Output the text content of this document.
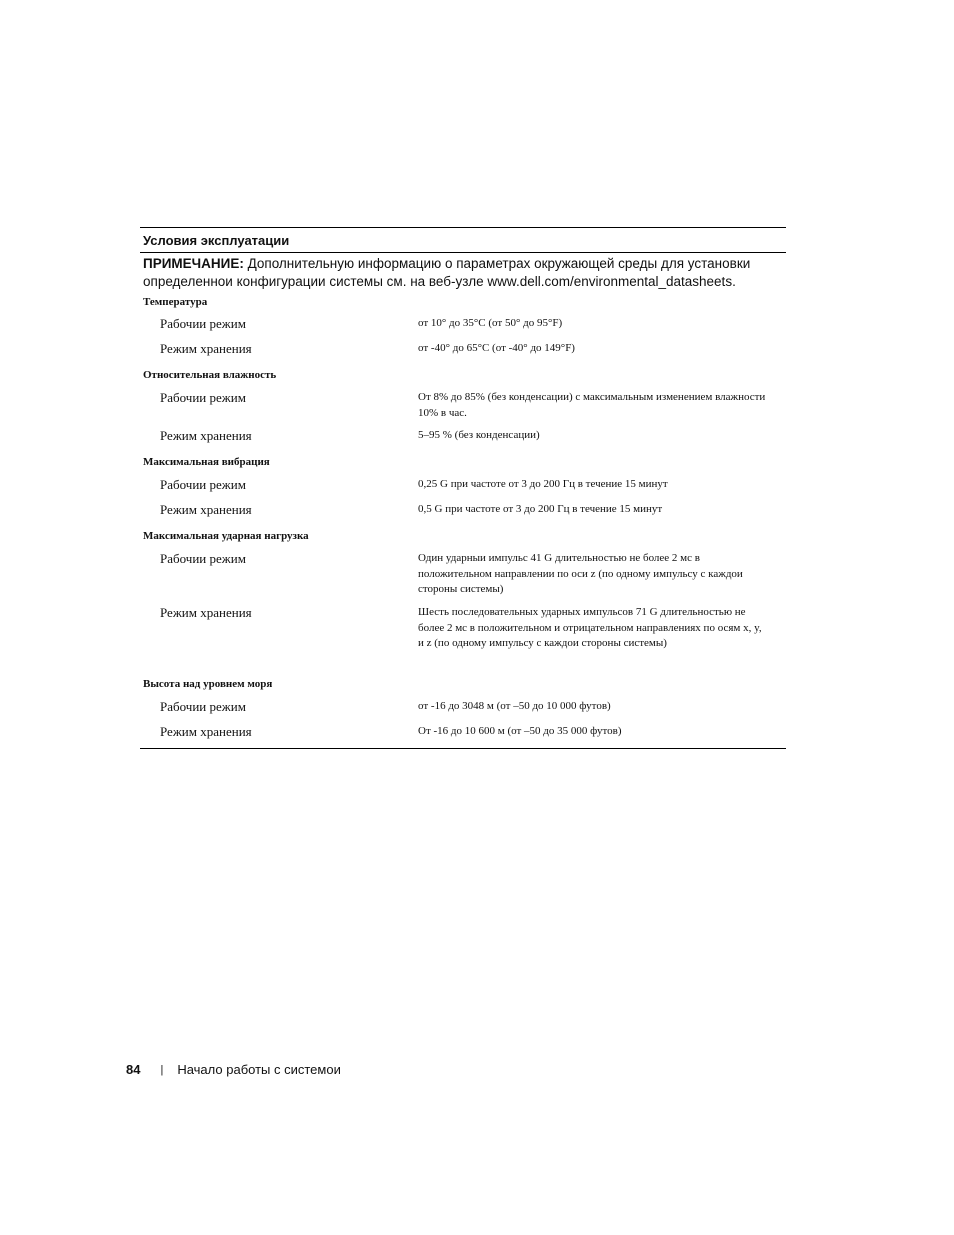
Условия эксплуатации
ПРИМЕЧАНИЕ: Дополнительную информацию о параметрах окружающей среды для установки определеннои конфигурации системы см. на веб-узле www.dell.com/environmental_datasheets.
Температура
Рабочии режим	от 10° до 35°C (от 50° до 95°F)
Режим хранения	от -40° до 65°C (от -40° до 149°F)
Относительная влажность
Рабочии режим	От 8% до 85% (без конденсации) с максимальным изменением влажности 10% в час.
Режим хранения	5–95 % (без конденсации)
Максимальная вибрация
Рабочии режим	0,25 G при частоте от 3 до 200 Гц в течение 15 минут
Режим хранения	0,5 G при частоте от 3 до 200 Гц в течение 15 минут
Максимальная ударная нагрузка
Рабочии режим	Один ударныи импульс 41 G длительностью не более 2 мс в положительном направлении по оси z (по одному импульсу с каждои стороны системы)
Режим хранения	Шесть последовательных ударных импульсов 71 G длительностью не более 2 мс в положительном и отрицательном направлениях по осям x, y, и z (по одному импульсу с каждои стороны системы)
Высота над уровнем моря
Рабочии режим	от -16 до 3048 м (от –50 до 10 000 футов)
Режим хранения	От -16 до 10 600 м (от –50 до 35 000 футов)
84 | Начало работы с системои
